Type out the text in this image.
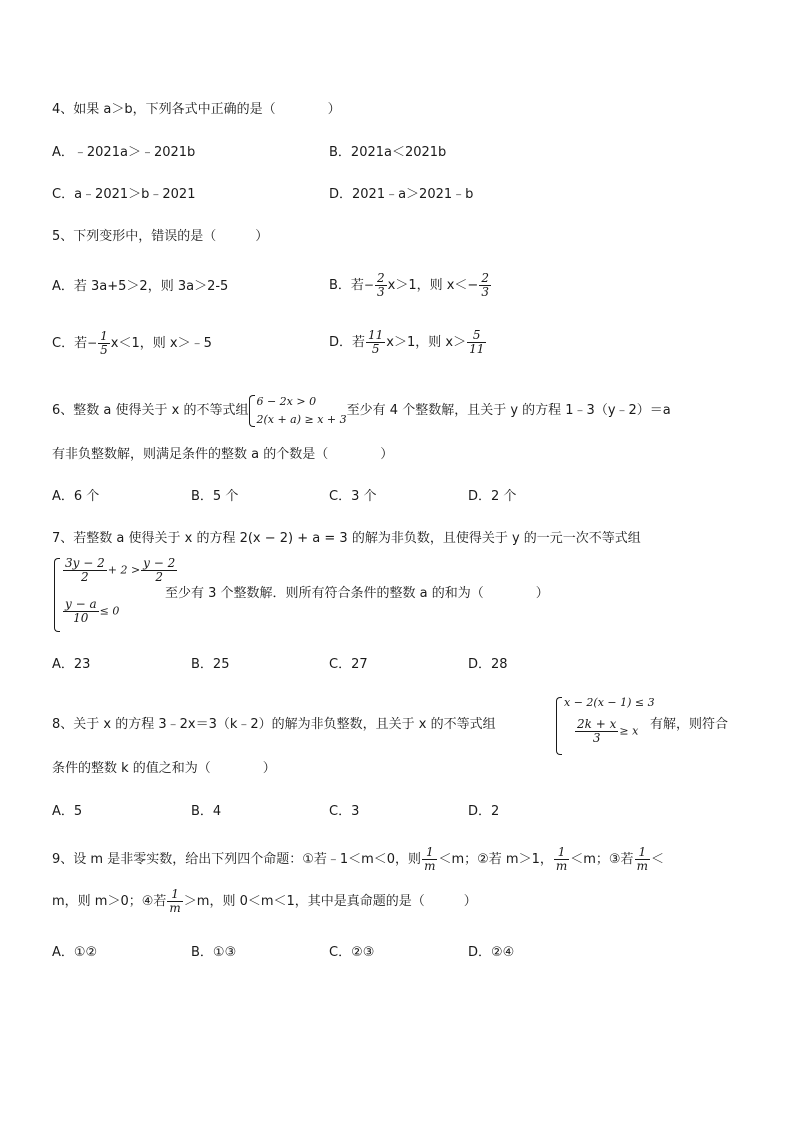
4、如果 a＞b，下列各式中正确的是（　　　　）
A．﹣2021a＞﹣2021b	B．2021a＜2021b
C．a﹣2021＞b﹣2021	D．2021﹣a＞2021﹣b
5、下列变形中，错误的是（　　　）
A．若 3a+5＞2，则 3a＞2-5	B．若− $\frac{2}{3} x>1$，则 $x<- \frac{2}{3}$
C．若− $\frac{1}{5} x<1$，则 x＞﹣5	D．若 $\frac{11}{5} x>1$，则 $x> \frac{5}{11}$
6、整数 a 使得关于 x 的不等式组
6 − 2x > 0
2(x + a) ≥ x + 3
至少有 4 个整数解，且关于 y 的方程 1﹣3（y﹣2）＝a
有非负整数解，则满足条件的整数 a 的个数是（　　　　）
A．6 个	B．5 个	C．3 个	D．2 个
7、若整数 a 使得关于 x 的方程 2(x − 2) + a = 3 的解为非负数，且使得关于 y 的一元一次不等式组
$\frac{3y - 2}{2} + 2 > \frac{y - 2}{2}$
$\frac{y - a}{10} \le 0$
至少有 3 个整数解．则所有符合条件的整数 a 的和为（　　　　）
A．23	B．25	C．27	D．28
8、关于 x 的方程 3﹣2x＝3（k﹣2）的解为非负整数，且关于 x 的不等式组
x − 2(x − 1) ≤ 3
$\frac{2k + x}{3} \ge x$ 有解，则符合
条件的整数 k 的值之和为（　　　　）
A．5	B．4	C．3	D．2
9、设 m 是非零实数，给出下列四个命题：①若﹣1＜m＜0，则 $\frac{1}{m} <m$；②若 m＞1， $\frac{1}{m} <m$；③若 $\frac{1}{m}$ ＜
m，则 m＞0；④若 $\frac{1}{m} >m$，则 0＜m＜1，其中是真命题的是（　　　）
A．①②	B．①③	C．②③	D．②④
